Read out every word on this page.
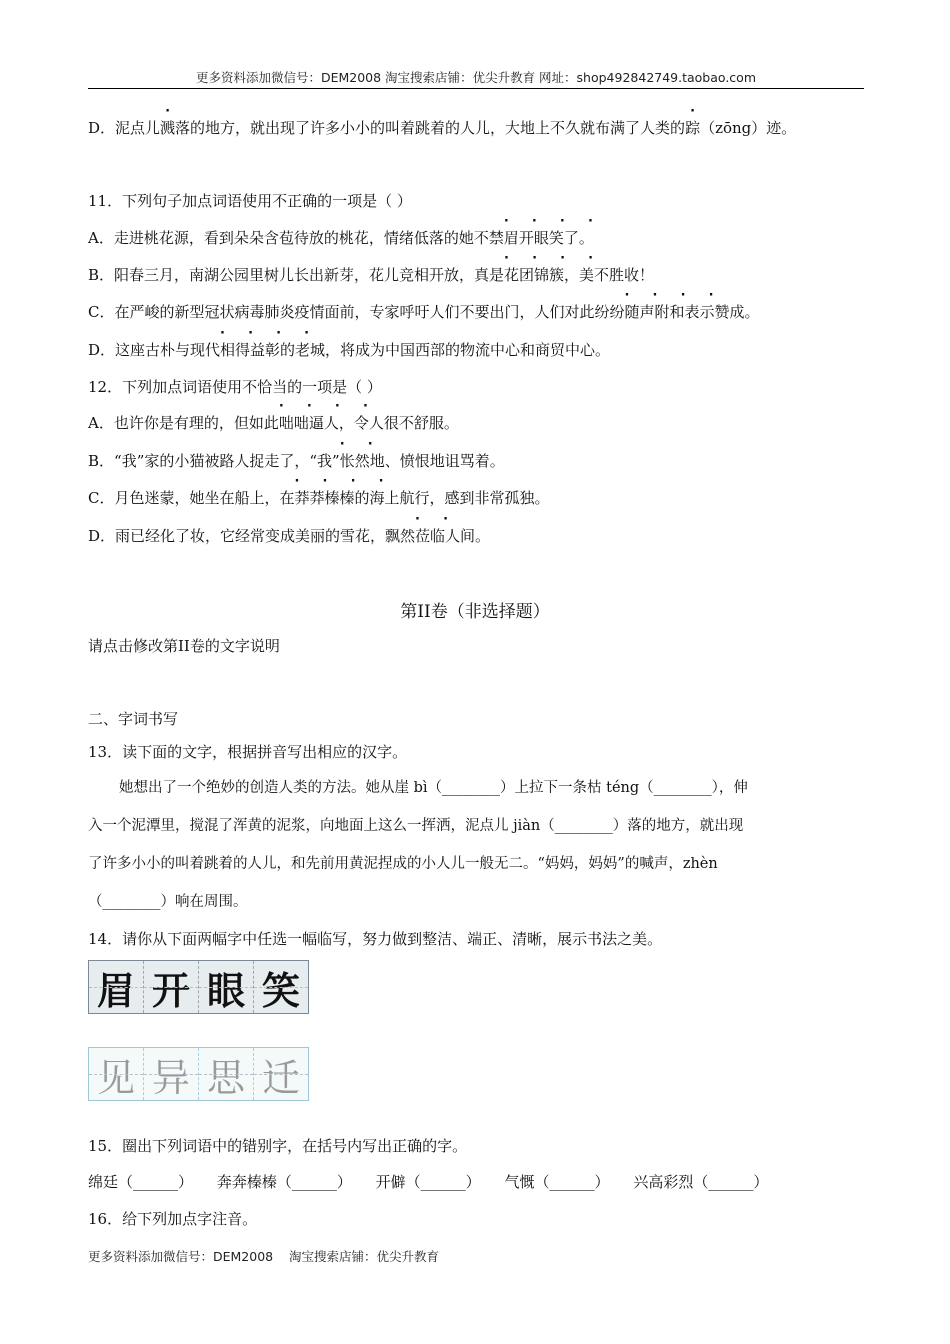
更多资料添加微信号：DEM2008 淘宝搜索店铺：优尖升教育 网址：shop492842749.taobao.com
D．泥点儿溅落的地方，就出现了许多小小的叫着跳着的人儿，大地上不久就布满了人类的踪（zōng）迹。
11．下列句子加点词语使用不正确的一项是（ ）
A．走进桃花源，看到朵朵含苞待放的桃花，情绪低落的她不禁眉开眼笑了。
B．阳春三月，南湖公园里树儿长出新芽，花儿竞相开放，真是花团锦簇，美不胜收！
C．在严峻的新型冠状病毒肺炎疫情面前，专家呼吁人们不要出门，人们对此纷纷随声附和表示赞成。
D．这座古朴与现代相得益彰的老城，将成为中国西部的物流中心和商贸中心。
12．下列加点词语使用不恰当的一项是（ ）
A．也许你是有理的，但如此咄咄逼人，令人很不舒服。
B．“我”家的小猫被路人捉走了，“我”·    · 怅然地、愤恨地诅骂着。
C．月色迷蒙，她坐在船上，在莽莽榛榛的海上航行，感到非常孤独。
D．雨已经化了妆，它经常变成美丽的雪花，飘然·    · 莅临人间。
第II卷（非选择题）
请点击修改第II卷的文字说明
二、字词书写
13．读下面的文字，根据拼音写出相应的汉字。
她想出了一个绝妙的创造人类的方法。她从崖 bì（________）上拉下一条枯 téng（________），伸
入一个泥潭里，搅混了浑黄的泥浆，向地面上这么一挥洒，泥点儿 jiàn（________）落的地方，就出现
了许多小小的叫着跳着的人儿，和先前用黄泥捏成的小人儿一般无二。“妈妈，妈妈”的喊声，zhèn
（________）响在周围。
14．请你从下面两幅字中任选一幅临写，努力做到整洁、端正、清晰，展示书法之美。
眉 开 眼 笑
见 异 思 迁
15．圈出下列词语中的错别字，在括号内写出正确的字。
绵廷（______）     奔奔榛榛（______）     开僻（______）     气慨（______）     兴高彩烈（______）
16．给下列加点字注音。
更多资料添加微信号：DEM2008    淘宝搜索店铺：优尖升教育
